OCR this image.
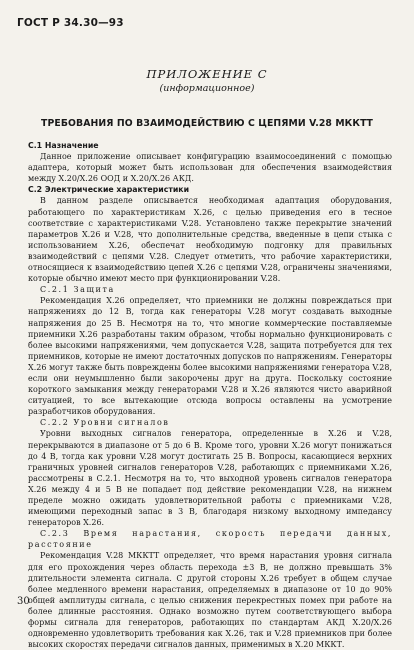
ГОСТ Р 34.30—93
ПРИЛОЖЕНИЕ С
(информационное)
ТРЕБОВАНИЯ ПО ВЗАИМОДЕЙСТВИЮ С ЦЕПЯМИ V.28 МККТТ

С.1 Назначение

Данное приложение описывает конфигурацию взаимосоединений с помощью адаптера, который может быть использован для обеспечения взаимодействия между Х.20/Х.26 ООД и Х.20/Х.26 АКД.

С.2 Электрические характеристики

В данном разделе описывается необходимая адаптация оборудования, работающего по характеристикам Х.26, с целью приведения его в тесное соответствие с характеристиками V.28. Установлено также перекрытие значений параметров Х.26 и V.28, что дополнительные средства, введенные в цепи стыка с использованием Х.26, обеспечат необходимую подгонку для правильных взаимодействий с цепями V.28. Следует отметить, что рабочие характеристики, относящиеся к взаимодействию цепей Х.26 с цепями V.28, ограничены значениями, которые обычно имеют место при функционировании V.28.

С.2.1 Защита

Рекомендация Х.26 определяет, что приемники не должны повреждаться при напряжениях до 12 В, тогда как генераторы V.28 могут создавать выходные напряжения до 25 В. Несмотря на то, что многие коммерческие поставляемые приемники Х.26 разработаны таким образом, чтобы нормально функционировать с более высокими напряжениями, чем допускается V.28, защита потребуется для тех приемников, которые не имеют достаточных допусков по напряжениям. Генераторы Х.26 могут также быть повреждены более высокими напряжениями генератора V.28, если они неумышленно были закорочены друг на друга. Поскольку состояние короткого замыкания между генераторами V.28 и Х.26 являются чисто аварийной ситуацией, то все вытекающие отсюда вопросы оставлены на усмотрение разработчиков оборудования.

С.2.2 Уровни сигналов

Уровни выходных сигналов генератора, определенные в Х.26 и V.28, перекрываются в диапазоне от 5 до 6 В. Кроме того, уровни Х.26 могут понижаться до 4 В, тогда как уровни V.28 могут достигать 25 В. Вопросы, касающиеся верхних граничных уровней сигналов генераторов V.28, работающих с приемниками Х.26, рассмотрены в С.2.1. Несмотря на то, что выходной уровень сигналов генератора Х.26 между 4 и 5 В не попадает под действие рекомендации V.28, на нижнем пределе можно ожидать удовлетворительной работы с приемниками V.28, имеющими переходный запас в 3 В, благодаря низкому выходному импедансу генераторов Х.26.

С.2.3 Время нарастания, скорость передачи данных, расстояние

Рекомендация V.28 МККТТ определяет, что время нарастания уровня сигнала для его прохождения через область перехода ±3 В, не должно превышать 3% длительности элемента сигнала. С другой стороны Х.26 требует в общем случае более медленного времени нарастания, определяемых в диапазоне от 10 до 90% общей амплитуды сигнала, с целью снижения перекрестных помех при работе на более длинные расстояния. Однако возможно путем соответствующего выбора формы сигнала для генераторов, работающих по стандартам АКД Х.20/Х.26 одновременно удовлетворить требования как Х.26, так и V.28 приемников при более высоких скоростях передачи сигналов данных, применимых в Х.20 МККТ.

30
